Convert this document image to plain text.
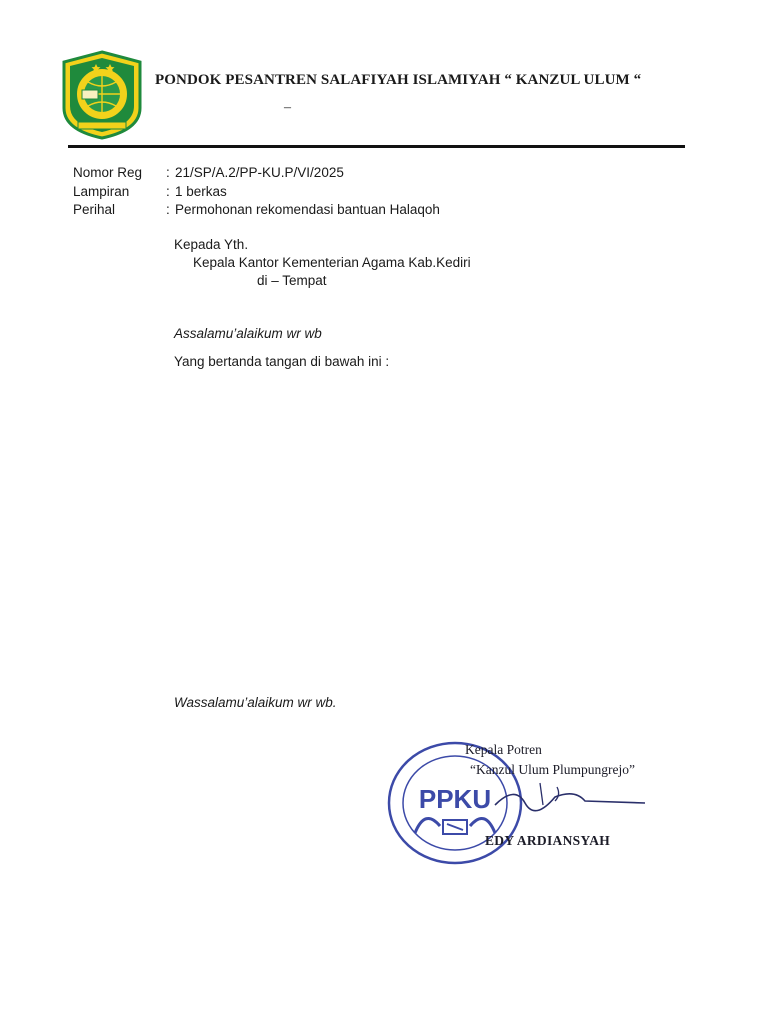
PONDOK PESANTREN SALAFIYAH ISLAMIYAH “ KANZUL ULUM “
–
Nomor Reg	: 21/SP/A.2/PP-KU.P/VI/2025
Lampiran	: 1 berkas
Perihal	: Permohonan rekomendasi bantuan Halaqoh
Kepada Yth.
Kepala Kantor Kementerian Agama Kab.Kediri
di – Tempat
Assalamu’alaikum wr wb
Yang bertanda tangan di bawah ini :
Wassalamu’alaikum wr wb.
PPKU
Kepala Potren
“Kanzul Ulum Plumpungrejo”
EDY ARDIANSYAH
